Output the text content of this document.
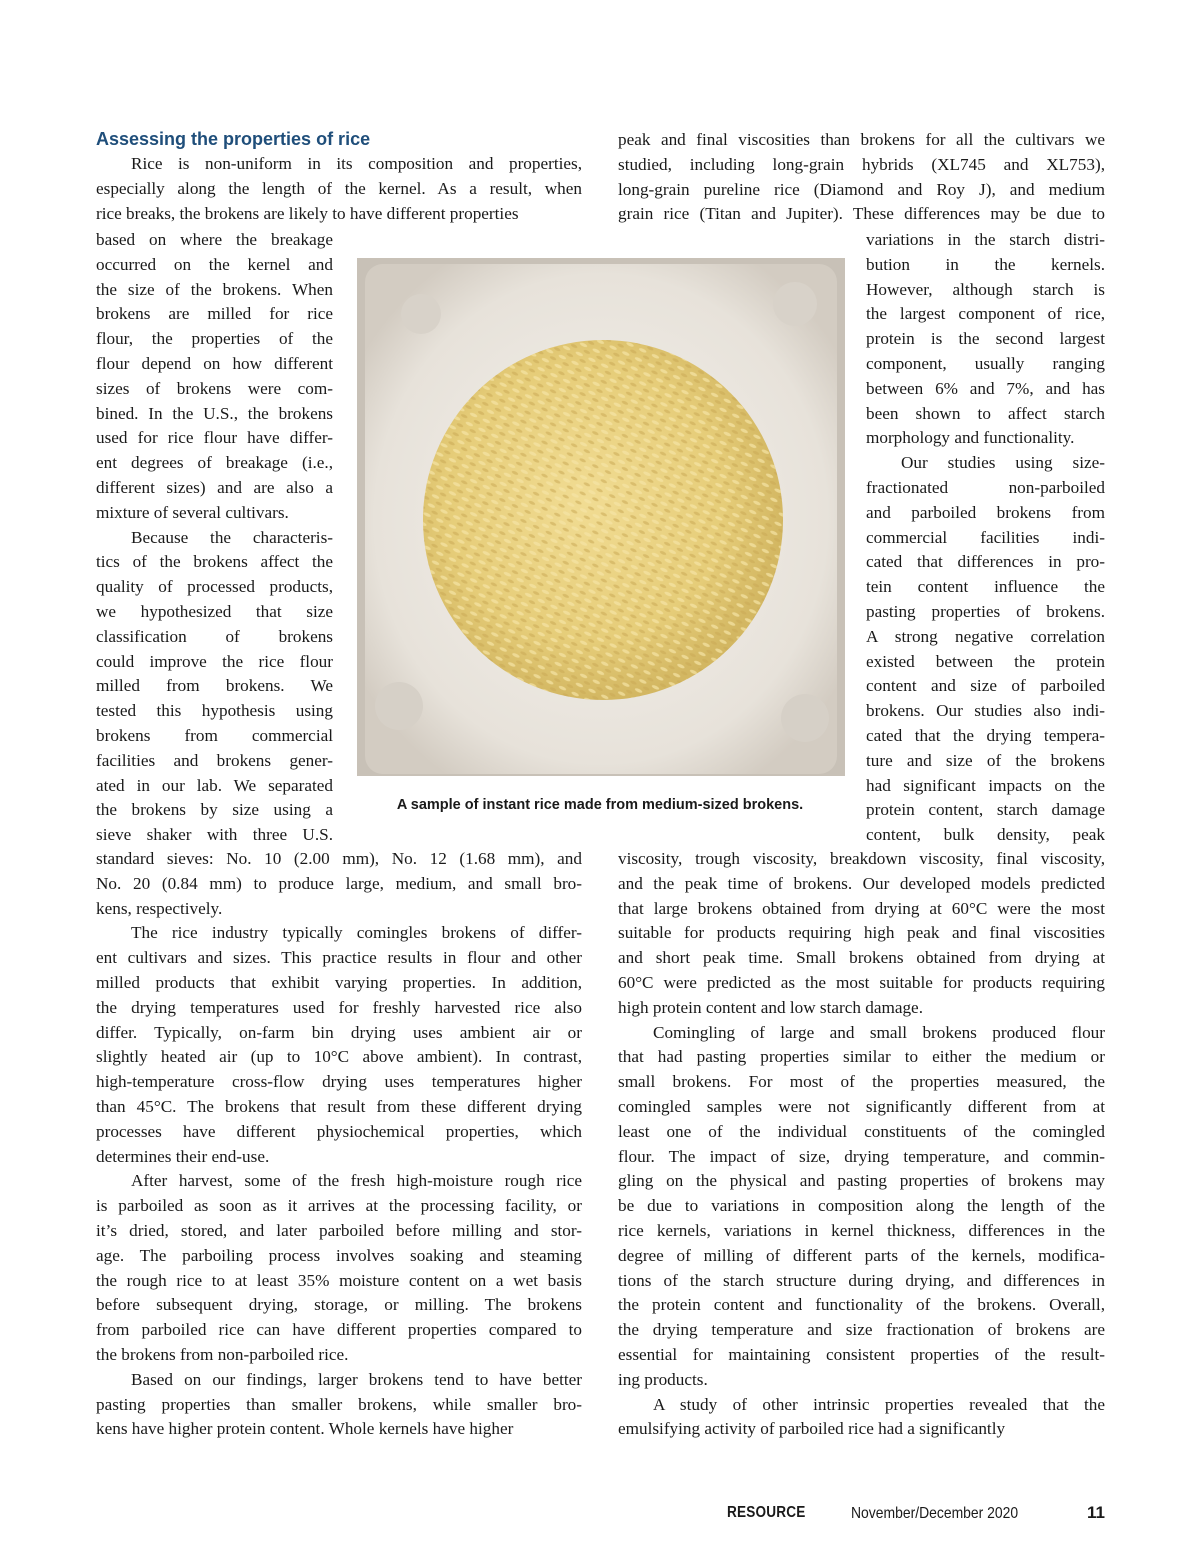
Assessing the properties of rice
Rice is non-uniform in its composition and properties,
especially along the length of the kernel. As a result, when
rice breaks, the brokens are likely to have different properties
based on where the breakage
occurred on the kernel and
the size of the brokens. When
brokens are milled for rice
flour, the properties of the
flour depend on how different
sizes of brokens were com-
bined. In the U.S., the brokens
used for rice flour have differ-
ent degrees of breakage (i.e.,
different sizes) and are also a
mixture of several cultivars.
Because the characteris-
tics of the brokens affect the
quality of processed products,
we hypothesized that size
classification of brokens
could improve the rice flour
milled from brokens. We
tested this hypothesis using
brokens from commercial
facilities and brokens gener-
ated in our lab. We separated
the brokens by size using a
sieve shaker with three U.S.
standard sieves: No. 10 (2.00 mm), No. 12 (1.68 mm), and
No. 20 (0.84 mm) to produce large, medium, and small bro-
kens, respectively.
The rice industry typically comingles brokens of differ-
ent cultivars and sizes. This practice results in flour and other
milled products that exhibit varying properties. In addition,
the drying temperatures used for freshly harvested rice also
differ. Typically, on-farm bin drying uses ambient air or
slightly heated air (up to 10°C above ambient). In contrast,
high-temperature cross-flow drying uses temperatures higher
than 45°C. The brokens that result from these different drying
processes have different physiochemical properties, which
determines their end-use.
After harvest, some of the fresh high-moisture rough rice
is parboiled as soon as it arrives at the processing facility, or
it’s dried, stored, and later parboiled before milling and stor-
age. The parboiling process involves soaking and steaming
the rough rice to at least 35% moisture content on a wet basis
before subsequent drying, storage, or milling. The brokens
from parboiled rice can have different properties compared to
the brokens from non-parboiled rice.
Based on our findings, larger brokens tend to have better
pasting properties than smaller brokens, while smaller bro-
kens have higher protein content. Whole kernels have higher
peak and final viscosities than brokens for all the cultivars we
studied, including long-grain hybrids (XL745 and XL753),
long-grain pureline rice (Diamond and Roy J), and medium
grain rice (Titan and Jupiter). These differences may be due to
variations in the starch distri-
bution in the kernels.
However, although starch is
the largest component of rice,
protein is the second largest
component, usually ranging
between 6% and 7%, and has
been shown to affect starch
morphology and functionality.
Our studies using size-
fractionated non-parboiled
and parboiled brokens from
commercial facilities indi-
cated that differences in pro-
tein content influence the
pasting properties of brokens.
A strong negative correlation
existed between the protein
content and size of parboiled
brokens. Our studies also indi-
cated that the drying tempera-
ture and size of the brokens
had significant impacts on the
protein content, starch damage
content, bulk density, peak
viscosity, trough viscosity, breakdown viscosity, final viscosity,
and the peak time of brokens. Our developed models predicted
that large brokens obtained from drying at 60°C were the most
suitable for products requiring high peak and final viscosities
and short peak time. Small brokens obtained from drying at
60°C were predicted as the most suitable for products requiring
high protein content and low starch damage.
Comingling of large and small brokens produced flour
that had pasting properties similar to either the medium or
small brokens. For most of the properties measured, the
comingled samples were not significantly different from at
least one of the individual constituents of the comingled
flour. The impact of size, drying temperature, and commin-
gling on the physical and pasting properties of brokens may
be due to variations in composition along the length of the
rice kernels, variations in kernel thickness, differences in the
degree of milling of different parts of the kernels, modifica-
tions of the starch structure during drying, and differences in
the protein content and functionality of the brokens. Overall,
the drying temperature and size fractionation of brokens are
essential for maintaining consistent properties of the result-
ing products.
A study of other intrinsic properties revealed that the
emulsifying activity of parboiled rice had a significantly

A sample of instant rice made from medium-sized brokens.

RESOURCE	November/December 2020	11
